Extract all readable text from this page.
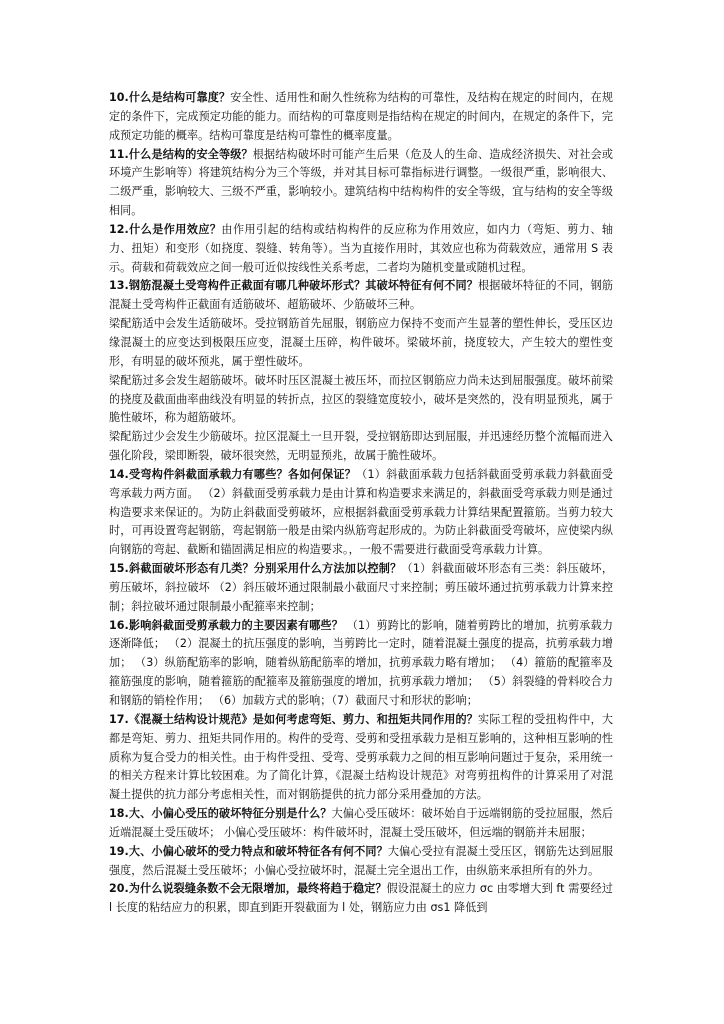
10.什么是结构可靠度？安全性、适用性和耐久性统称为结构的可靠性，及结构在规定的时间内，在规定的条件下，完成预定功能的能力。而结构的可靠度则是指结构在规定的时间内，在规定的条件下，完成预定功能的概率。结构可靠度是结构可靠性的概率度量。

11.什么是结构的安全等级？根据结构破坏时可能产生后果（危及人的生命、造成经济损失、对社会或环境产生影响等）将建筑结构分为三个等级，并对其目标可靠指标进行调整。一级很严重，影响很大、二级严重，影响较大、三级不严重，影响较小。建筑结构中结构构件的安全等级，宜与结构的安全等级相同。

12.什么是作用效应？由作用引起的结构或结构构件的反应称为作用效应，如内力（弯矩、剪力、轴力、扭矩）和变形（如挠度、裂缝、转角等）。当为直接作用时，其效应也称为荷载效应，通常用 S 表示。荷载和荷载效应之间一般可近似按线性关系考虑，二者均为随机变量或随机过程。

13.钢筋混凝土受弯构件正截面有哪几种破坏形式？其破坏特征有何不同？根据破坏特征的不同，钢筋混凝土受弯构件正截面有适筋破坏、超筋破坏、少筋破坏三种。

梁配筋适中会发生适筋破坏。受拉钢筋首先屈服，钢筋应力保持不变而产生显著的塑性伸长，受压区边缘混凝土的应变达到极限压应变，混凝土压碎，构件破坏。梁破坏前，挠度较大，产生较大的塑性变形，有明显的破坏预兆，属于塑性破坏。

梁配筋过多会发生超筋破坏。破坏时压区混凝土被压坏，而拉区钢筋应力尚未达到屈服强度。破坏前梁的挠度及截面曲率曲线没有明显的转折点，拉区的裂缝宽度较小，破坏是突然的，没有明显预兆，属于脆性破坏，称为超筋破坏。

梁配筋过少会发生少筋破坏。拉区混凝土一旦开裂，受拉钢筋即达到屈服，并迅速经历整个流幅而进入强化阶段，梁即断裂，破坏很突然，无明显预兆，故属于脆性破坏。

14.受弯构件斜截面承载力有哪些？各如何保证？（1）斜截面承载力包括斜截面受剪承载力斜截面受弯承载力两方面。 （2）斜截面受剪承载力是由计算和构造要求来满足的，斜截面受弯承载力则是通过构造要求来保证的。为防止斜截面受剪破坏，应根据斜截面受剪承载力计算结果配置箍筋。当剪力较大时，可再设置弯起钢筋，弯起钢筋一般是由梁内纵筋弯起形成的。为防止斜截面受弯破坏，应使梁内纵向钢筋的弯起、截断和锚固满足相应的构造要求。，一般不需要进行截面受弯承载力计算。

15.斜截面破坏形态有几类？分别采用什么方法加以控制？（1）斜截面破坏形态有三类：斜压破坏，剪压破坏，斜拉破坏 （2）斜压破坏通过限制最小截面尺寸来控制；剪压破坏通过抗剪承载力计算来控制；斜拉破坏通过限制最小配箍率来控制；

16.影响斜截面受剪承载力的主要因素有哪些？ （1）剪跨比的影响，随着剪跨比的增加，抗剪承载力逐渐降低； （2）混凝土的抗压强度的影响，当剪跨比一定时，随着混凝土强度的提高，抗剪承载力增加； （3）纵筋配筋率的影响，随着纵筋配筋率的增加，抗剪承载力略有增加； （4）箍筋的配箍率及箍筋强度的影响，随着箍筋的配箍率及箍筋强度的增加，抗剪承载力增加； （5）斜裂缝的骨料咬合力和钢筋的销栓作用； （6）加载方式的影响；（7）截面尺寸和形状的影响；

17.《混凝土结构设计规范》是如何考虑弯矩、剪力、和扭矩共同作用的？实际工程的受扭构件中，大都是弯矩、剪力、扭矩共同作用的。构件的受弯、受剪和受扭承载力是相互影响的，这种相互影响的性质称为复合受力的相关性。由于构件受扭、受弯、受剪承载力之间的相互影响问题过于复杂，采用统一的相关方程来计算比较困难。为了简化计算，《混凝土结构设计规范》对弯剪扭构件的计算采用了对混凝土提供的抗力部分考虑相关性，而对钢筋提供的抗力部分采用叠加的方法。

18.大、小偏心受压的破坏特征分别是什么？大偏心受压破坏：破坏始自于远端钢筋的受拉屈服，然后近端混凝土受压破坏； 小偏心受压破坏：构件破坏时，混凝土受压破坏，但远端的钢筋并未屈服；

19.大、小偏心破坏的受力特点和破坏特征各有何不同？大偏心受拉有混凝土受压区，钢筋先达到屈服强度，然后混凝土受压破坏；小偏心受拉破坏时，混凝土完全退出工作，由纵筋来承担所有的外力。

20.为什么说裂缝条数不会无限增加，最终将趋于稳定？假设混凝土的应力 σc 由零增大到 ft 需要经过 l 长度的粘结应力的积累，即直到距开裂截面为 l 处，钢筋应力由 σs1 降低到
